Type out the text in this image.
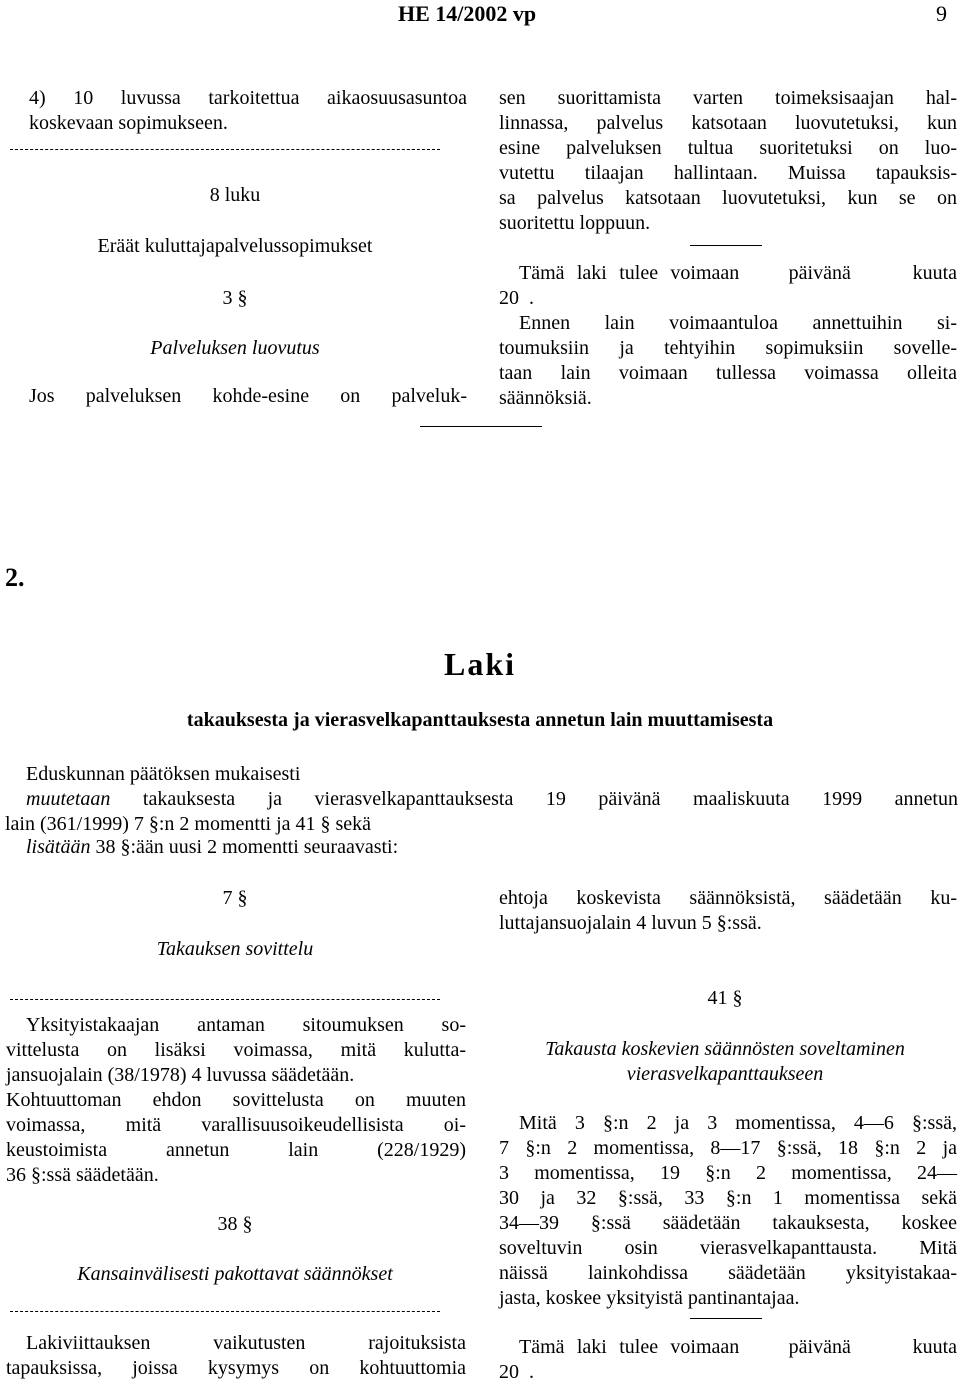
HE 14/2002 vp	9
4) 10 luvussa tarkoitettua aikaosuusasuntoa
koskevaan sopimukseen.
8 luku
Eräät kuluttajapalvelussopimukset
3 §
Palveluksen luovutus
Jos palveluksen kohde-esine on palveluk-
sen suorittamista varten toimeksisaajan hal-
linnassa, palvelus katsotaan luovutetuksi, kun
esine palveluksen tultua suoritetuksi on luo-
vutettu tilaajan hallintaan. Muissa tapauksis-
sa palvelus katsotaan luovutetuksi, kun se on
suoritettu loppuun.
Tämä laki tulee voimaan    päivänä     kuuta
20  .
Ennen lain voimaantuloa annettuihin si-
toumuksiin ja tehtyihin sopimuksiin sovelle-
taan lain voimaan tullessa voimassa olleita
säännöksiä.
2.
Laki
takauksesta ja vierasvelkapanttauksesta annetun lain muuttamisesta
Eduskunnan päätöksen mukaisesti
muutetaan takauksesta ja vierasvelkapanttauksesta 19 päivänä maaliskuuta 1999 annetun
lain (361/1999) 7 §:n 2 momentti ja 41 § sekä
lisätään 38 §:ään uusi 2 momentti seuraavasti:
7 §
Takauksen sovittelu
Yksityistakaajan antaman sitoumuksen so-
vittelusta on lisäksi voimassa, mitä kulutta-
jansuojalain (38/1978) 4 luvussa säädetään.
Kohtuuttoman ehdon sovittelusta on muuten
voimassa, mitä varallisuusoikeudellisista oi-
keustoimista annetun lain (228/1929)
36 §:ssä säädetään.
38 §
Kansainvälisesti pakottavat säännökset
Lakiviittauksen vaikutusten rajoituksista
tapauksissa, joissa kysymys on kohtuuttomia
ehtoja koskevista säännöksistä, säädetään ku-
luttajansuojalain 4 luvun 5 §:ssä.
41 §
Takausta koskevien säännösten soveltaminen
vierasvelkapanttaukseen
Mitä 3 §:n 2 ja 3 momentissa, 4—6 §:ssä,
7 §:n 2 momentissa, 8—17 §:ssä, 18 §:n 2 ja
3 momentissa, 19 §:n 2 momentissa, 24—
30 ja 32 §:ssä, 33 §:n 1 momentissa sekä
34—39 §:ssä säädetään takauksesta, koskee
soveltuvin osin vierasvelkapanttausta. Mitä
näissä lainkohdissa säädetään yksityistakaa-
jasta, koskee yksityistä pantinantajaa.
Tämä laki tulee voimaan    päivänä     kuuta
20  .
